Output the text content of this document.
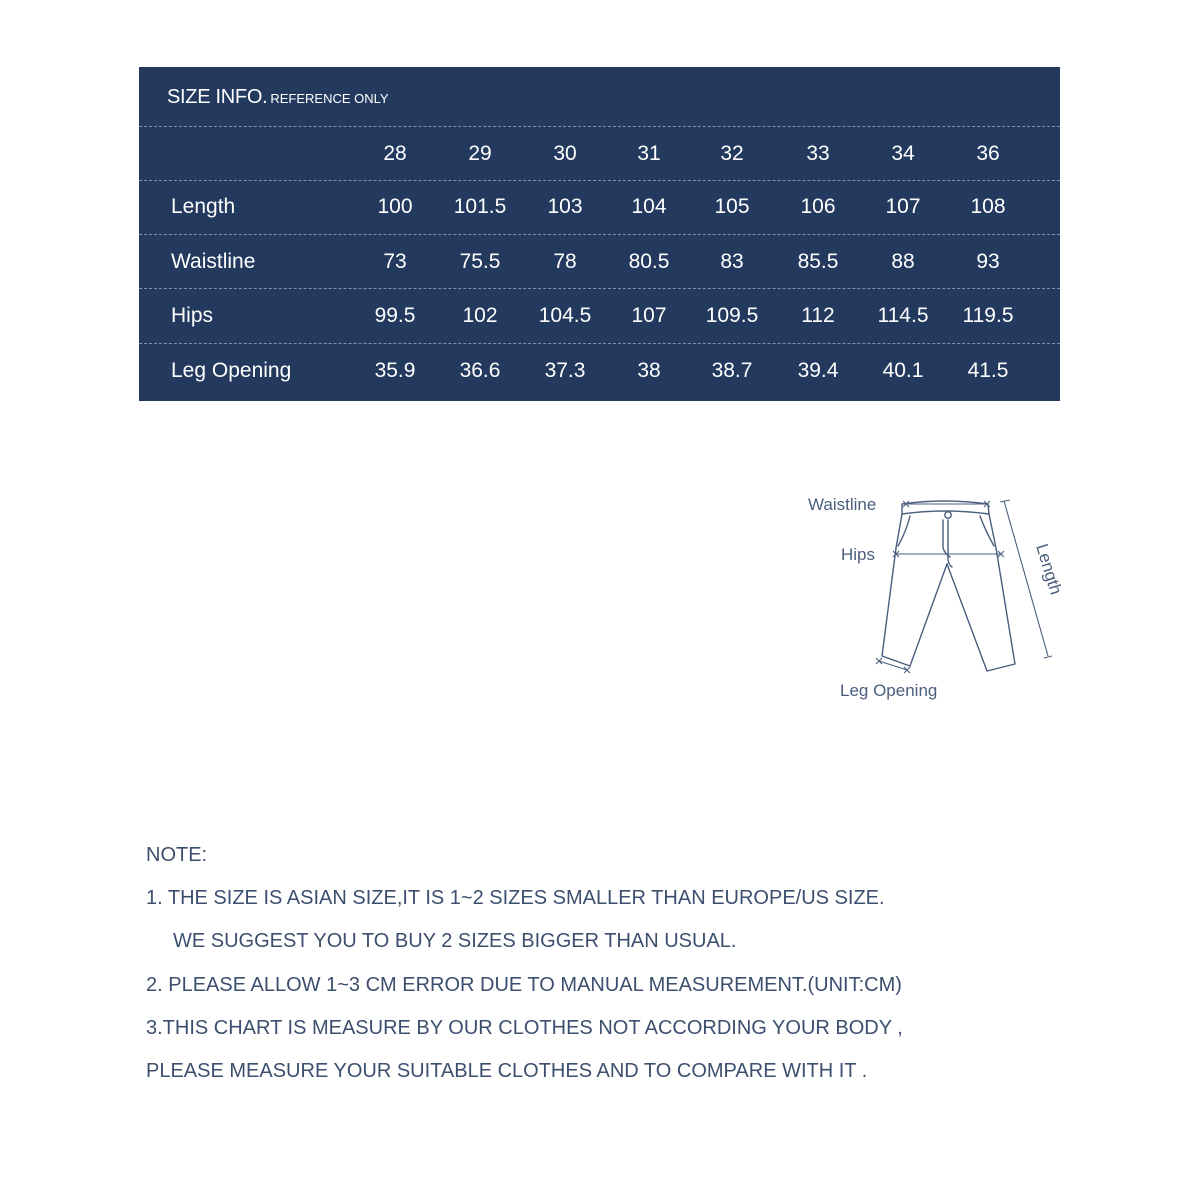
SIZE INFO. REFERENCE ONLY
28	29	30	31	32	33	34	36
Length	100 101.5 103 104 105 106 107 108
Waistline	73	75.5	78 80.5 83	85.5	88	93
Hips	99.5 102 104.5 107 109.5 112 114.5 119.5
Leg Opening	35.9 36.6 37.3 38 38.7 39.4 40.1 41.5
Waistline
Hips	Length
Leg Opening
NOTE:
1. THE SIZE IS ASIAN SIZE,IT IS 1~2 SIZES SMALLER THAN EUROPE/US SIZE.
WE SUGGEST YOU TO BUY 2 SIZES BIGGER THAN USUAL.
2. PLEASE ALLOW 1~3 CM ERROR DUE TO MANUAL MEASUREMENT.(UNIT:CM)
3.THIS CHART IS MEASURE BY OUR CLOTHES NOT ACCORDING YOUR BODY ,
PLEASE MEASURE YOUR SUITABLE CLOTHES AND TO COMPARE WITH IT .
